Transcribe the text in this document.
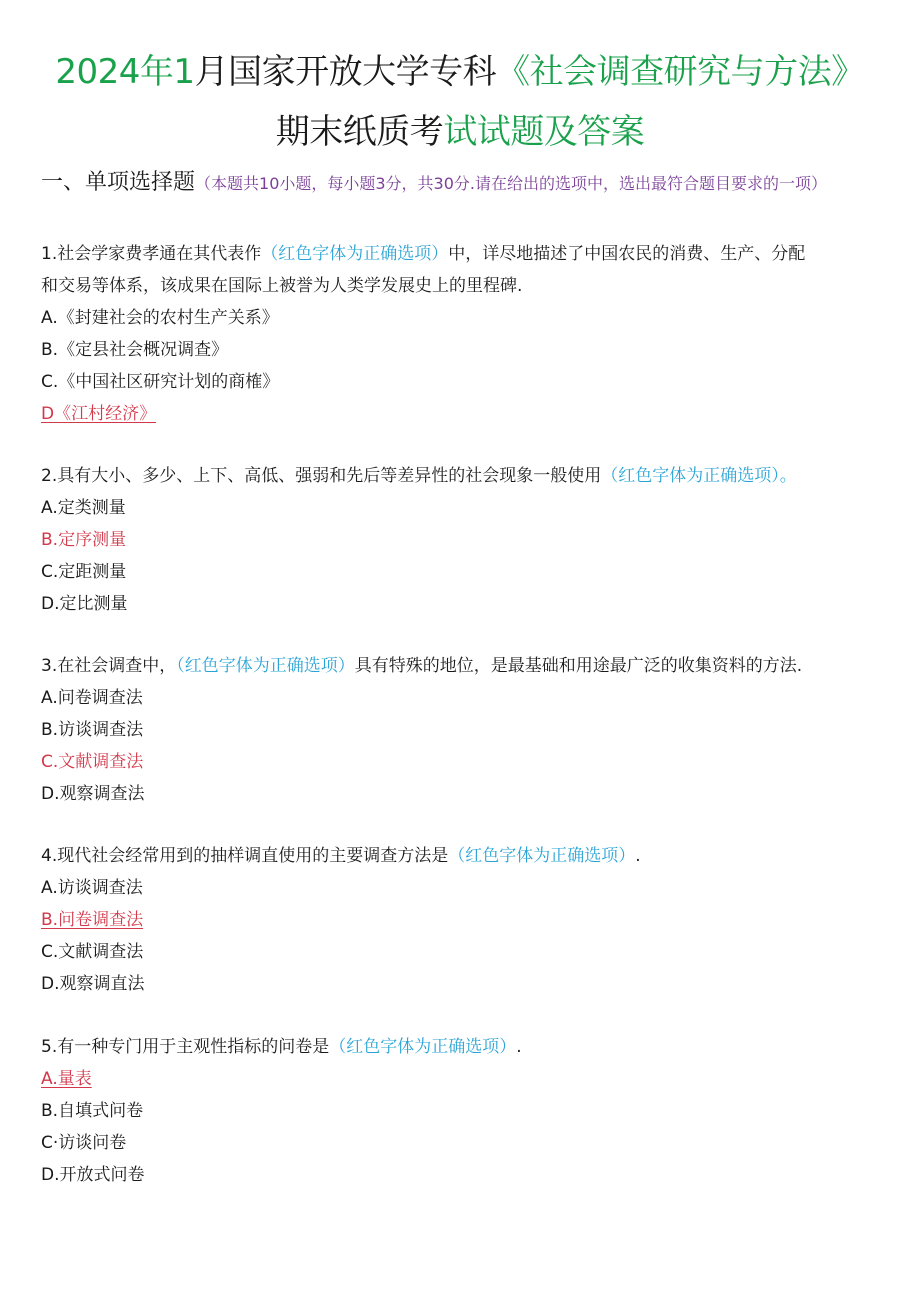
2024年1月国家开放大学专科《社会调查研究与方法》
期末纸质考试试题及答案
一、单项选择题（本题共10小题，每小题3分，共30分.请在给出的选项中，选出最符合题目要求的一项）
1.社会学家费孝通在其代表作（红色字体为正确选项）中，详尽地描述了中国农民的消费、生产、分配
和交易等体系，该成果在国际上被誉为人类学发展史上的里程碑.
A.《封建社会的农村生产关系》
B.《定县社会概况调查》
C.《中国社区研究计划的商榷》
D《江村经济》
2.具有大小、多少、上下、高低、强弱和先后等差异性的社会现象一般使用（红色字体为正确选项）。
A.定类测量
B.定序测量
C.定距测量
D.定比测量
3.在社会调查中，（红色字体为正确选项）具有特殊的地位，是最基础和用途最广泛的收集资料的方法.
A.问卷调查法
B.访谈调查法
C.文献调查法
D.观察调查法
4.现代社会经常用到的抽样调直使用的主要调查方法是（红色字体为正确选项）.
A.访谈调查法
B.问卷调查法
C.文献调查法
D.观察调直法
5.有一种专门用于主观性指标的问卷是（红色字体为正确选项）.
A.量表
B.自填式问卷
C·访谈问卷
D.开放式问卷
